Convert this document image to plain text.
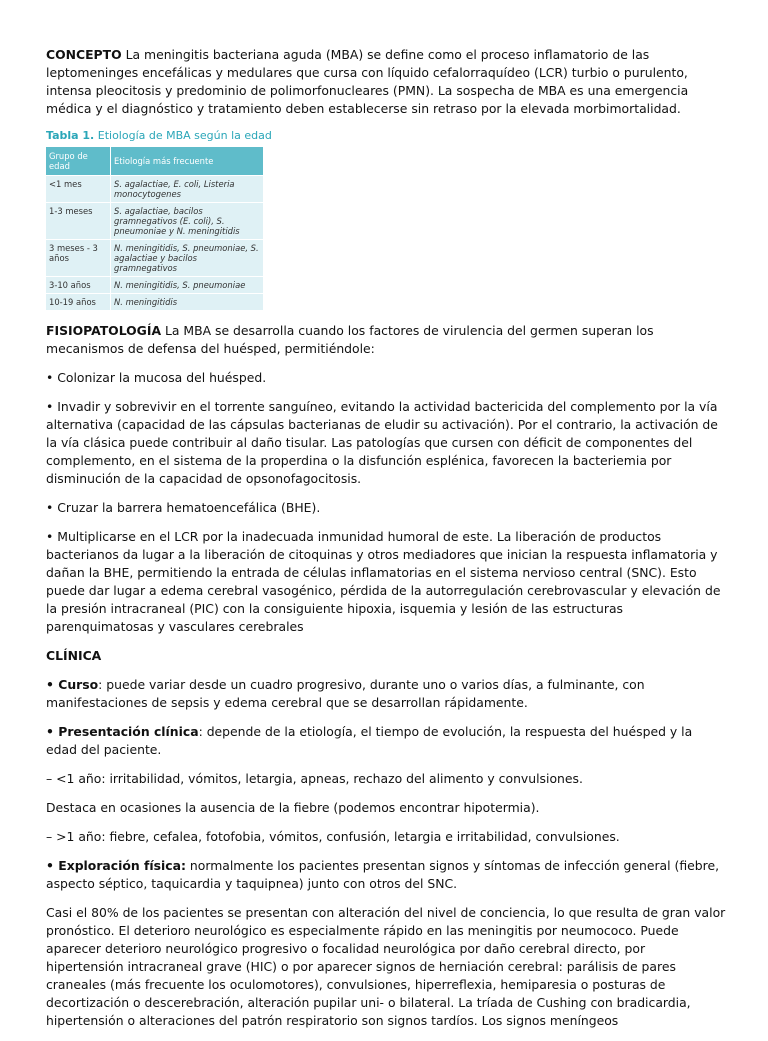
CONCEPTO La meningitis bacteriana aguda (MBA) se define como el proceso inflamatorio de las leptomeninges encefálicas y medulares que cursa con líquido cefalorraquídeo (LCR) turbio o purulento, intensa pleocitosis y predominio de polimorfonucleares (PMN). La sospecha de MBA es una emergencia médica y el diagnóstico y tratamiento deben establecerse sin retraso por la elevada morbimortalidad.

Tabla 1. Etiología de MBA según la edad
Grupo de edad	Etiología más frecuente
<1 mes	S. agalactiae, E. coli, Listeria monocytogenes
1-3 meses	S. agalactiae, bacilos gramnegativos (E. coli), S. pneumoniae y N. meningitidis
3 meses - 3 años	N. meningitidis, S. pneumoniae, S. agalactiae y bacilos gramnegativos
3-10 años	N. meningitidis, S. pneumoniae
10-19 años	N. meningitidis

FISIOPATOLOGÍA La MBA se desarrolla cuando los factores de virulencia del germen superan los mecanismos de defensa del huésped, permitiéndole:

• Colonizar la mucosa del huésped.

• Invadir y sobrevivir en el torrente sanguíneo, evitando la actividad bactericida del complemento por la vía alternativa (capacidad de las cápsulas bacterianas de eludir su activación). Por el contrario, la activación de la vía clásica puede contribuir al daño tisular. Las patologías que cursen con déficit de componentes del complemento, en el sistema de la properdina o la disfunción esplénica, favorecen la bacteriemia por disminución de la capacidad de opsonofagocitosis.

• Cruzar la barrera hematoencefálica (BHE).

• Multiplicarse en el LCR por la inadecuada inmunidad humoral de este. La liberación de productos bacterianos da lugar a la liberación de citoquinas y otros mediadores que inician la respuesta inflamatoria y dañan la BHE, permitiendo la entrada de células inflamatorias en el sistema nervioso central (SNC). Esto puede dar lugar a edema cerebral vasogénico, pérdida de la autorregulación cerebrovascular y elevación de la presión intracraneal (PIC) con la consiguiente hipoxia, isquemia y lesión de las estructuras parenquimatosas y vasculares cerebrales

CLÍNICA

• Curso: puede variar desde un cuadro progresivo, durante uno o varios días, a fulminante, con manifestaciones de sepsis y edema cerebral que se desarrollan rápidamente.

• Presentación clínica: depende de la etiología, el tiempo de evolución, la respuesta del huésped y la edad del paciente.

– <1 año: irritabilidad, vómitos, letargia, apneas, rechazo del alimento y convulsiones.

Destaca en ocasiones la ausencia de la fiebre (podemos encontrar hipotermia).

– >1 año: fiebre, cefalea, fotofobia, vómitos, confusión, letargia e irritabilidad, convulsiones.

• Exploración física: normalmente los pacientes presentan signos y síntomas de infección general (fiebre, aspecto séptico, taquicardia y taquipnea) junto con otros del SNC.

Casi el 80% de los pacientes se presentan con alteración del nivel de conciencia, lo que resulta de gran valor pronóstico. El deterioro neurológico es especialmente rápido en las meningitis por neumococo. Puede aparecer deterioro neurológico progresivo o focalidad neurológica por daño cerebral directo, por hipertensión intracraneal grave (HIC) o por aparecer signos de herniación cerebral: parálisis de pares craneales (más frecuente los oculomotores), convulsiones, hiperreflexia, hemiparesia o posturas de decortización o descerebración, alteración pupilar uni- o bilateral. La tríada de Cushing con bradicardia, hipertensión o alteraciones del patrón respiratorio son signos tardíos. Los signos meníngeos
